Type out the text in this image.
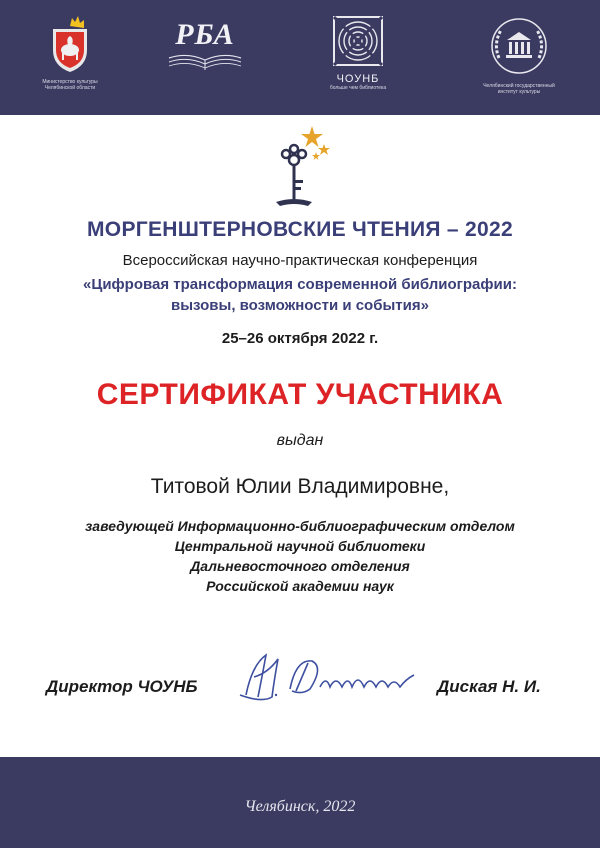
Министерство культуры
Челябинской области
РБА
ЧОУНБ
больше чем библиотека	Челябинский государственный
институт культуры
МОРГЕНШТЕРНОВСКИЕ ЧТЕНИЯ – 2022
Всероссийская научно-практическая конференция
«Цифровая трансформация современной библиографии:
вызовы, возможности и события»
25–26 октября 2022 г.
СЕРТИФИКАТ УЧАСТНИКА
выдан
Титовой Юлии Владимировне,
заведующей Информационно-библиографическим отделом
Центральной научной библиотеки
Дальневосточного отделения
Российской академии наук
Директор ЧОУНБ	Диская Н. И.
Челябинск, 2022
